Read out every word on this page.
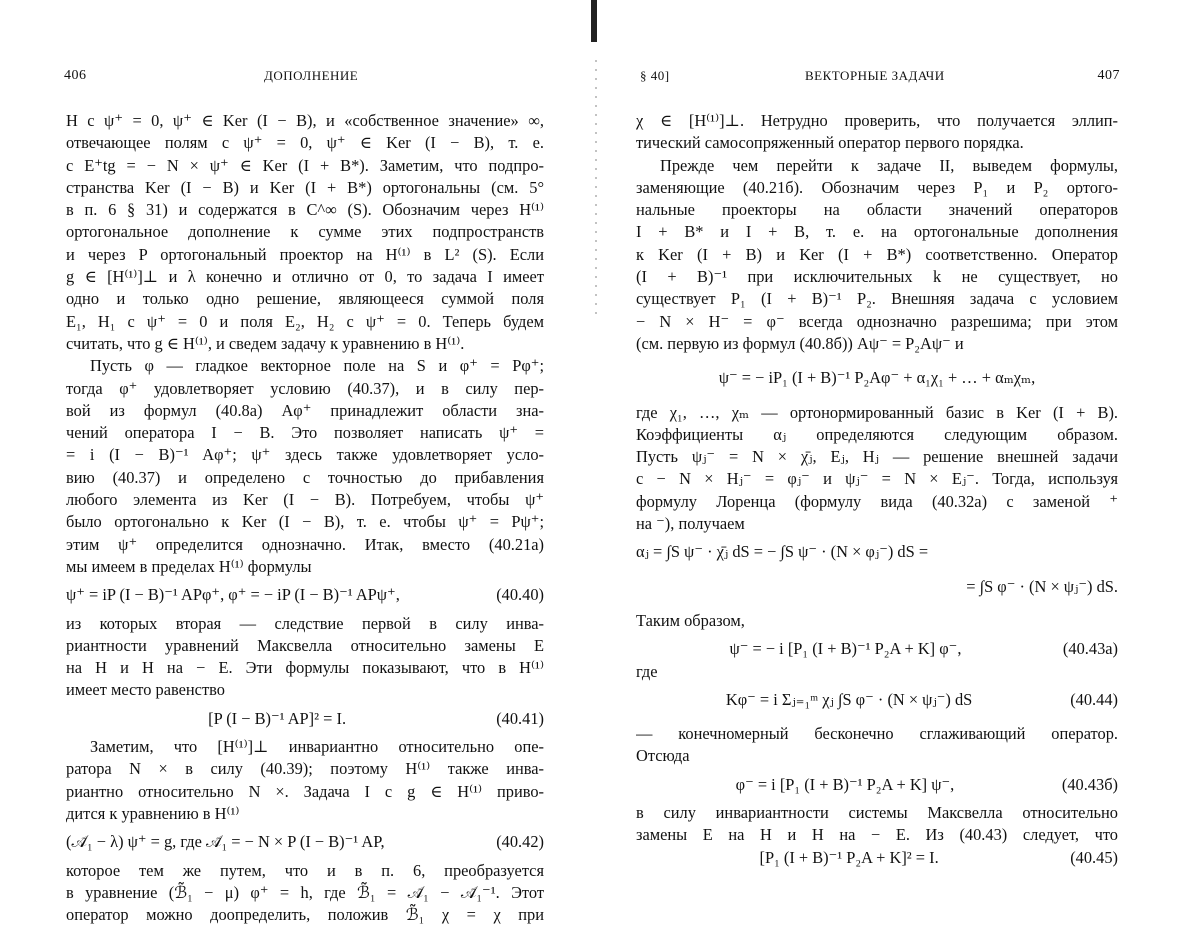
406	ДОПОЛНЕНИЕ
H с ψ⁺ = 0, ψ⁺ ∈ Ker (I − B), и «собственное значение» ∞,
отвечающее полям с ψ⁺ = 0, ψ⁺ ∈ Ker (I − B), т. е.
с E⁺tg = − N × ψ⁺ ∈ Ker (I + B*). Заметим, что подпро-
странства Ker (I − B) и Ker (I + B*) ортогональны (см. 5°
в п. 6 § 31) и содержатся в C^∞ (S). Обозначим через H⁽¹⁾
ортогональное дополнение к сумме этих подпространств
и через P ортогональный проектор на H⁽¹⁾ в L² (S). Если
g ∈ [H⁽¹⁾]⊥ и λ конечно и отлично от 0, то задача I имеет
одно и только одно решение, являющееся суммой поля
E₁, H₁ с ψ⁺ = 0 и поля E₂, H₂ с ψ⁺ = 0. Теперь будем
считать, что g ∈ H⁽¹⁾, и сведем задачу к уравнению в H⁽¹⁾.
Пусть φ — гладкое векторное поле на S и φ⁺ = Pφ⁺;
тогда φ⁺ удовлетворяет условию (40.37), и в силу пер-
вой из формул (40.8а) Aφ⁺ принадлежит области зна-
чений оператора I − B. Это позволяет написать ψ⁺ =
= i (I − B)⁻¹ Aφ⁺; ψ⁺ здесь также удовлетворяет усло-
вию (40.37) и определено с точностью до прибавления
любого элемента из Ker (I − B). Потребуем, чтобы ψ⁺
было ортогонально к Ker (I − B), т. е. чтобы ψ⁺ = Pψ⁺;
этим ψ⁺ определится однозначно. Итак, вместо (40.21а)
мы имеем в пределах H⁽¹⁾ формулы
ψ⁺ = iP (I − B)⁻¹ APφ⁺, φ⁺ = − iP (I − B)⁻¹ APψ⁺,	(40.40)
из которых вторая — следствие первой в силу инва-
риантности уравнений Максвелла относительно замены E
на H и H на − E. Эти формулы показывают, что в H⁽¹⁾
имеет место равенство
[P (I − B)⁻¹ AP]² = I.	(40.41)
Заметим, что [H⁽¹⁾]⊥ инвариантно относительно опе-
ратора N × в силу (40.39); поэтому H⁽¹⁾ также инва-
риантно относительно N ×. Задача I с g ∈ H⁽¹⁾ приво-
дится к уравнению в H⁽¹⁾
(𝒜̃₁ − λ) ψ⁺ = g, где 𝒜̃₁ = − N × P (I − B)⁻¹ AP,	(40.42)
которое тем же путем, что и в п. 6, преобразуется
в уравнение (ℬ̃₁ − μ) φ⁺ = h, где ℬ̃₁ = 𝒜̃₁ − 𝒜̃₁⁻¹. Этот
оператор можно доопределить, положив ℬ̃₁ χ = χ при
§ 40]	ВЕКТОРНЫЕ ЗАДАЧИ	407
χ ∈ [H⁽¹⁾]⊥. Нетрудно проверить, что получается эллип-
тический самосопряженный оператор первого порядка.
Прежде чем перейти к задаче II, выведем формулы,
заменяющие (40.21б). Обозначим через P₁ и P₂ ортого-
нальные проекторы на области значений операторов
I + B* и I + B, т. е. на ортогональные дополнения
к Ker (I + B) и Ker (I + B*) соответственно. Оператор
(I + B)⁻¹ при исключительных k не существует, но
существует P₁ (I + B)⁻¹ P₂. Внешняя задача с условием
− N × H⁻ = φ⁻ всегда однозначно разрешима; при этом
(см. первую из формул (40.8б)) Aψ⁻ = P₂Aψ⁻ и
ψ⁻ = − iP₁ (I + B)⁻¹ P₂Aφ⁻ + α₁χ₁ + … + αₘχₘ,
где χ₁, …, χₘ — ортонормированный базис в Ker (I + B).
Коэффициенты αⱼ определяются следующим образом.
Пусть ψⱼ⁻ = N × χ̄ⱼ, Eⱼ, Hⱼ — решение внешней задачи
с − N × Hⱼ⁻ = φⱼ⁻ и ψⱼ⁻ = N × Eⱼ⁻. Тогда, используя
формулу Лоренца (формулу вида (40.32а) с заменой ⁺
на ⁻), получаем
αⱼ = ∫S ψ⁻ · χ̄ⱼ dS = − ∫S ψ⁻ · (N × φⱼ⁻) dS =
= ∫S φ⁻ · (N × ψⱼ⁻) dS.
Таким образом,
ψ⁻ = − i [P₁ (I + B)⁻¹ P₂A + K] φ⁻,	(40.43а)
где
Kφ⁻ = i Σⱼ₌₁ᵐ χⱼ ∫S φ⁻ · (N × ψⱼ⁻) dS	(40.44)
— конечномерный бесконечно сглаживающий оператор.
Отсюда
φ⁻ = i [P₁ (I + B)⁻¹ P₂A + K] ψ⁻,	(40.43б)
в силу инвариантности системы Максвелла относительно
замены E на H и H на − E. Из (40.43) следует, что
[P₁ (I + B)⁻¹ P₂A + K]² = I.	(40.45)
